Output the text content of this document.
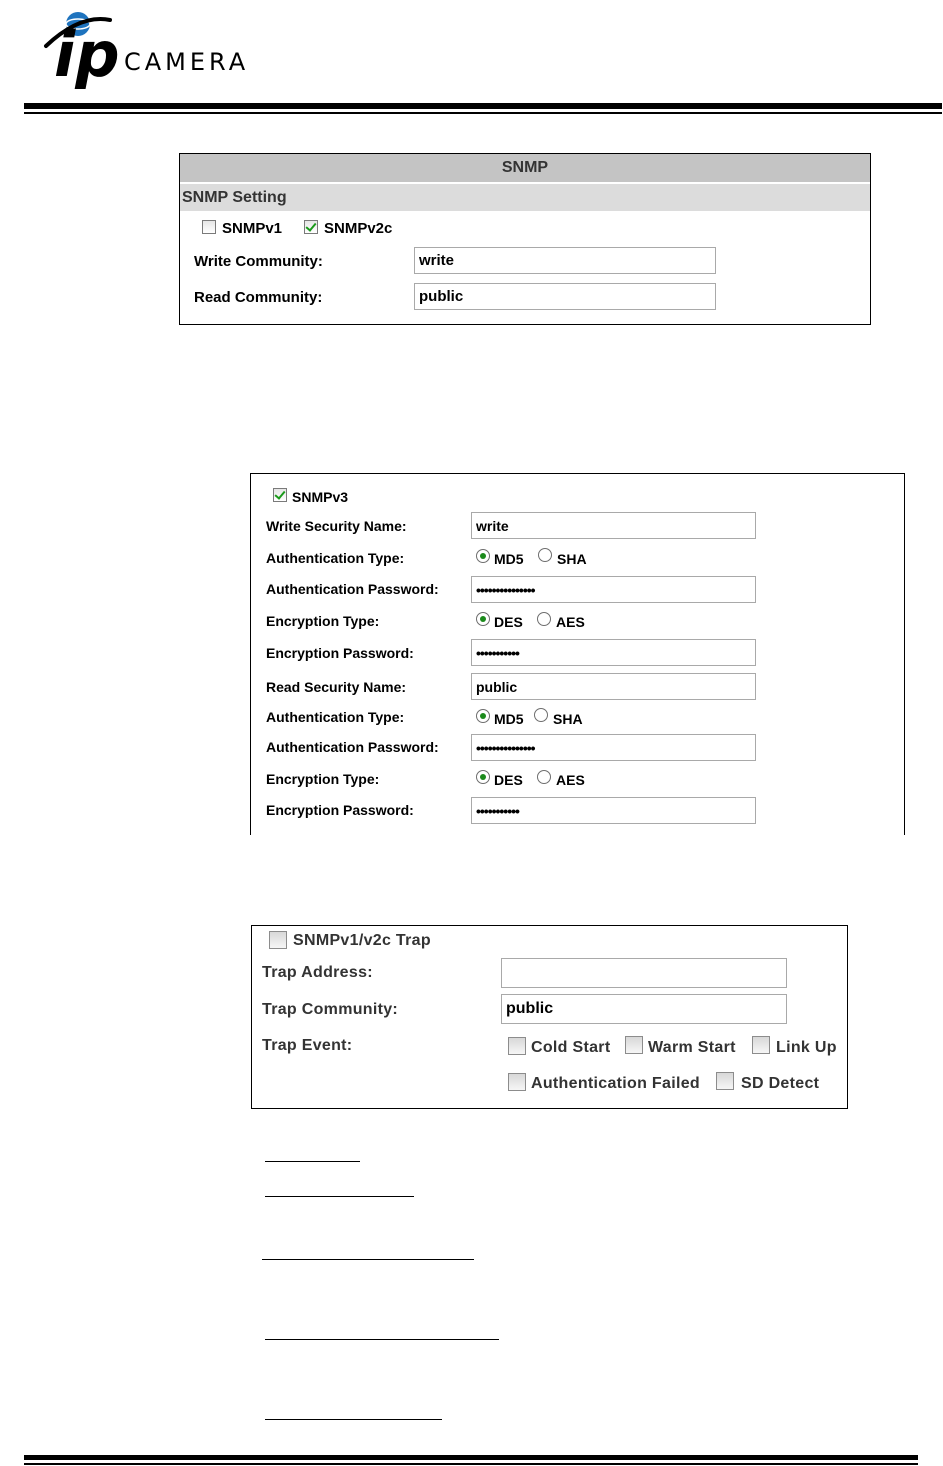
ip CAMERA
SNMP
SNMP Setting
SNMPv1	SNMPv2c
Write Community:
write
Read Community:
public
SNMPv3
Write Security Name:
write
Authentication Type:	MD5 SHA
Authentication Password:
•••••••••••••••
Encryption Type:	DES AES
Encryption Password:
•••••••••••
Read Security Name:
public
Authentication Type:	MD5 SHA
Authentication Password:
•••••••••••••••
Encryption Type:	DES AES
Encryption Password:
•••••••••••
SNMPv1/v2c Trap
Trap Address:
Trap Community:
public
Trap Event:	Cold Start Warm Start	Link Up
Authentication Failed	SD Detect
